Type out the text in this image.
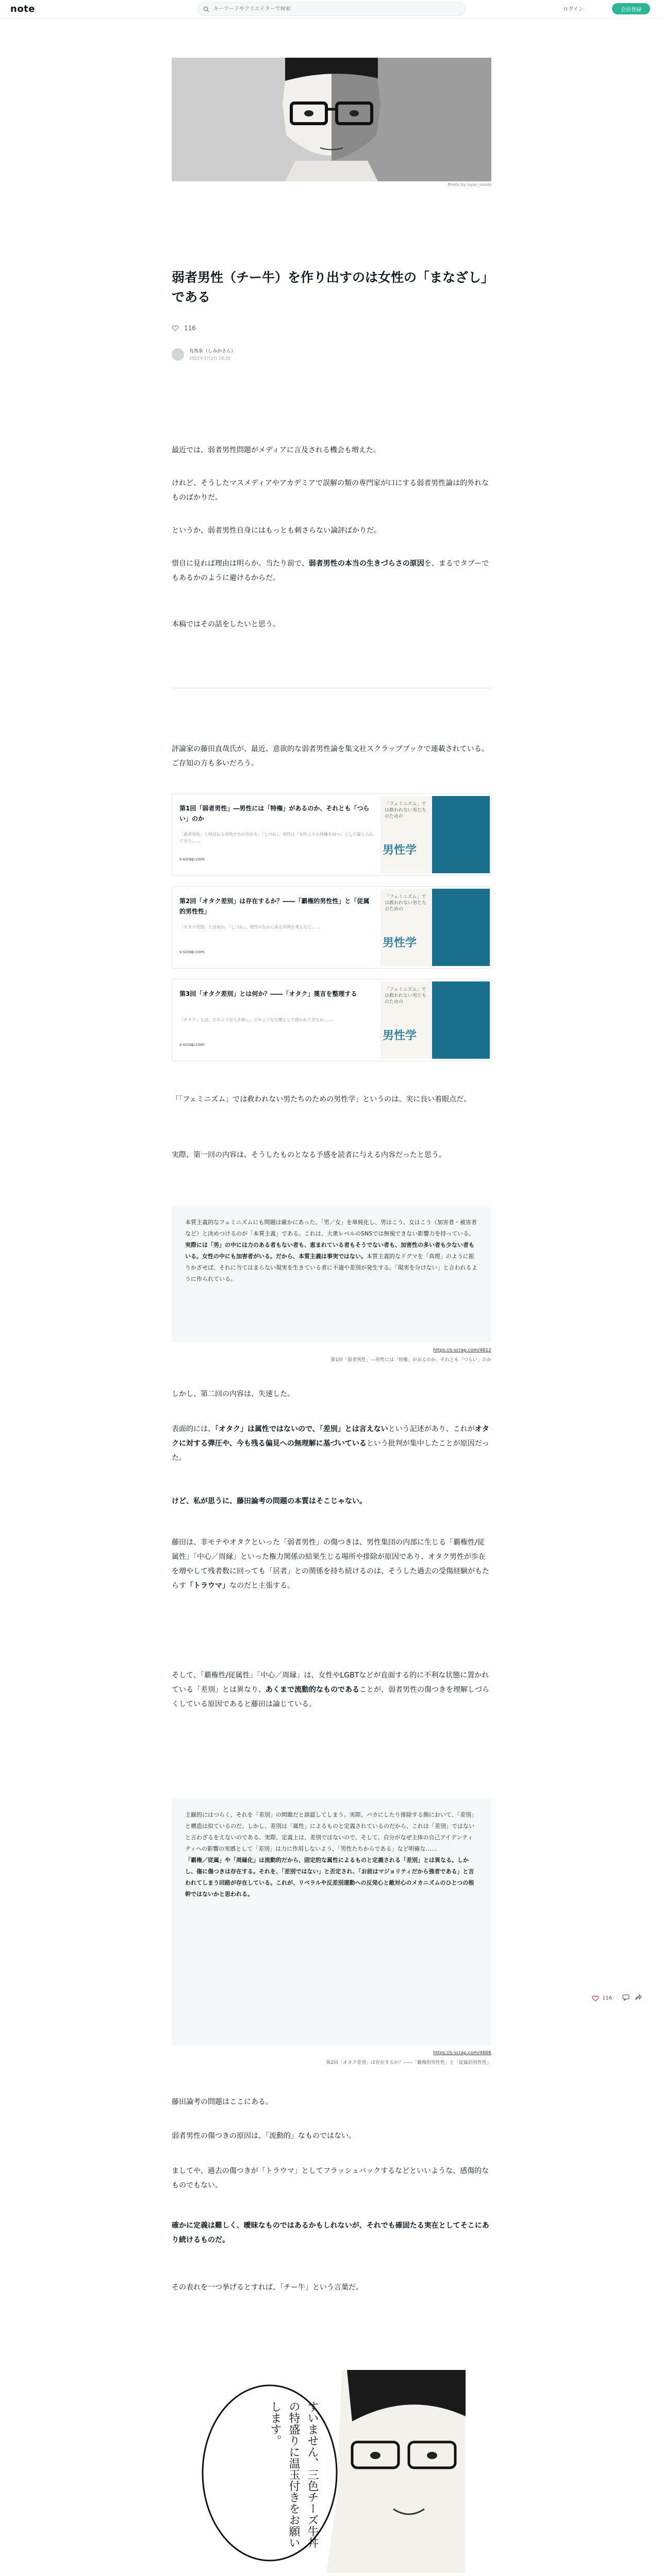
note
キーワードやクリエイターで検索	ログイン	会員登録
Photo by nyan_rondo
弱者男性（チー牛）を作り出すのは女性の「まなざし」である
116
有馬泉（しみかさん）
2022年1月2日 18:32

最近では、弱者男性問題がメディアに言及される機会も増えた。

けれど、そうしたマスメディアやアカデミアで誤解の類の専門家が口にする弱者男性論は的外れなものばかりだ。

というか、弱者男性自身にはもっとも刺さらない論評ばかりだ。

惜自に見れば理由は明らか。当たり前で、弱者男性の本当の生きづらさの原因を、まるでタブーでもあるかのように避けるからだ。

本稿ではその話をしたいと思う。

評論家の藤田直哉氏が、最近、意欲的な弱者男性論を集文社スクラップブックで連載されている。ご存知の方も多いだろう。

第1回「弱者男性」―男性には「特権」があるのか、それとも「つらい」のか
「弱者男性」と呼ばれる男性たちの存在を、「しづれ」、男性は「女性よりも特権を持つ」として論じられてきた……
s-scrap.com
「フェミニズム」では救われない男たちのための
男性学
第2回「オタク差別」は存在するか？――「覇権的男性性」と「従属的男性性」
「オタク差別」とは何か。「しづれ」、男性のなかにある序列を考えると……
s-scrap.com
「フェミニズム」では救われない男たちのための
男性学
第3回「オタク差別」とは何か？――「オタク」蔑言を整理する
「オタク」とは、どのような人を指し、どのような言葉として使われてきたか……
s-scrap.com
「フェミニズム」では救われない男たちのための
男性学

「「フェミニズム」では救われない男たちのための男性学」というのは、実に良い着眼点だ。

実際、第一回の内容は、そうしたものとなる予感を読者に与える内容だったと思う。

本質主義的なフェミニズムにも問題は確かにあった。「男／女」を単純化し、男はこう、女はこう（加害者・被害者など）と決めつけるのが「本質主義」である。これは、大衆レベルのSNSでは無視できない影響力を持っている。実際には「男」の中には力のある者もない者も、恵まれている者もそうでない者も、加害性の多い者も少ない者もいる。女性の中にも加害者がいる。だから、本質主義は事実ではない。本質主義的なドグマを「真理」のように振りかざせば、それに当てはまらない現実を生きている者に不適や差別が発生する。「現実を分けない」と言われるように作られている。
https://s-scrap.com/4612
第1回「弱者男性」―男性には「特権」があるのか、それとも「つらい」のか

しかし、第二回の内容は、失速した。

表面的には、「オタク」は属性ではないので、「差別」とは言えないという記述があり、これがオタクに対する弾圧や、今も残る偏見への無理解に基づいているという批判が集中したことが原因だった。

けど、私が思うに、藤田論考の問題の本質はそこじゃない。

藤田は、非モテやオタクといった「弱者男性」の傷つきは、男性集団の内部に生じる「覇権性/従属性」「中心／周縁」といった権力関係の結果生じる場所や排除が原因であり、オタク男性が歩在を増やして残者数に回っても「居者」との関係を持ち続けるのは、そうした過去の受傷経験がもたらす「トラウマ」なのだと主張する。

そして、「覇権性/従属性」「中心／周縁」は、女性やLGBTなどが直面する的に不利な状態に置かれている「差別」とは異なり、あくまで流動的なものであることが、弱者男性の傷つきを理解しづらくしている原因であると藤田は論じている。

主観的にはつらく、それを「差別」の問題だと誤認してしまう。実際、バカにしたり排除する側において、「差別」と構造は似ているのだ。しかし、差別は「属性」によるものと定義されているのだから、これは「差別」ではないと言わざるをえないのである。実際、定義上は、差別ではないので、そして、自分がなぜ主体の自己アイデンティティへの影響の実感として「差別」は力に作用しないよう、「男性たちからである」など明確な……
「覇権／従属」や「周縁化」は流動的だから、固定的な属性によるものと定義される「差別」とは異なる。しかし、傷に傷つきは存在する。それを、「差別ではない」と否定され、「お前はマジョリティだから強者である」と言われてしまう回路が存在している。これが、リベラルや反差別運動への反発心と敵対心のメカニズムのひとつの根幹ではないかと思われる。
https://s-scrap.com/4666
第2回「オタク差別」は存在するか？――「覇権的男性性」と「従属的男性性」
116

藤田論考の問題はここにある。

弱者男性の傷つきの原因は、「流動的」なものではない。

ましてや、過去の傷つきが「トラウマ」としてフラッシュバックするなどといいような、感傷的なものでもない。

確かに定義は難しく、曖昧なものではあるかもしれないが、それでも確固たる実在としてそこにあり続けるものだ。

その表れを一つ挙げるとすれば、「チー牛」という言葉だ。

すいません、三色チーズ牛丼の特盛りに温玉付きをお願いします。
